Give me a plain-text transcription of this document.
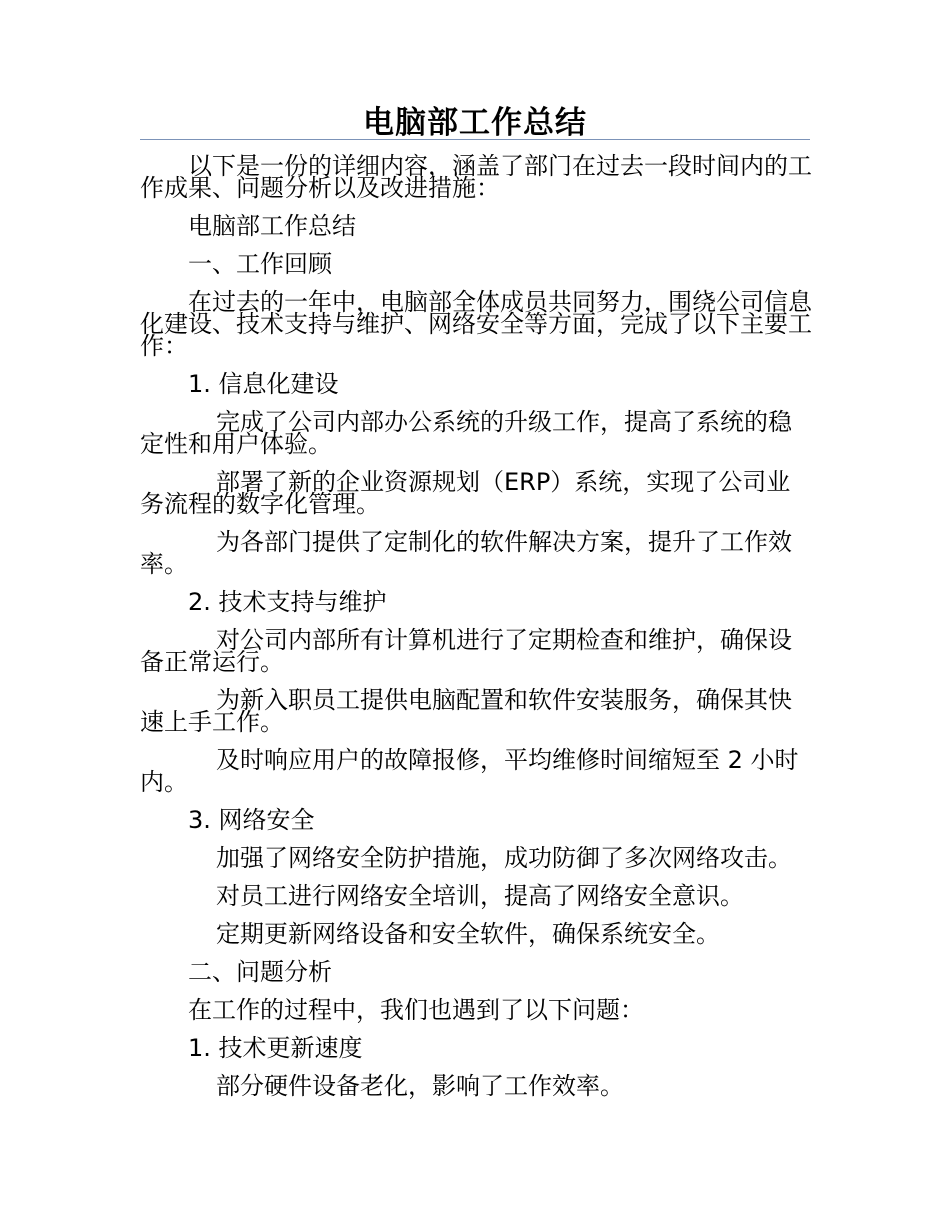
电脑部工作总结

以下是一份的详细内容，涵盖了部门在过去一段时间内的工作成果、问题分析以及改进措施：

电脑部工作总结

一、工作回顾

在过去的一年中，电脑部全体成员共同努力，围绕公司信息化建设、技术支持与维护、网络安全等方面，完成了以下主要工作：

1. 信息化建设

完成了公司内部办公系统的升级工作，提高了系统的稳定性和用户体验。

部署了新的企业资源规划（ERP）系统，实现了公司业务流程的数字化管理。

为各部门提供了定制化的软件解决方案，提升了工作效率。

2. 技术支持与维护

对公司内部所有计算机进行了定期检查和维护，确保设备正常运行。

为新入职员工提供电脑配置和软件安装服务，确保其快速上手工作。

及时响应用户的故障报修，平均维修时间缩短至 2 小时内。

3. 网络安全

加强了网络安全防护措施，成功防御了多次网络攻击。

对员工进行网络安全培训，提高了网络安全意识。

定期更新网络设备和安全软件，确保系统安全。

二、问题分析

在工作的过程中，我们也遇到了以下问题：

1. 技术更新速度

部分硬件设备老化，影响了工作效率。
